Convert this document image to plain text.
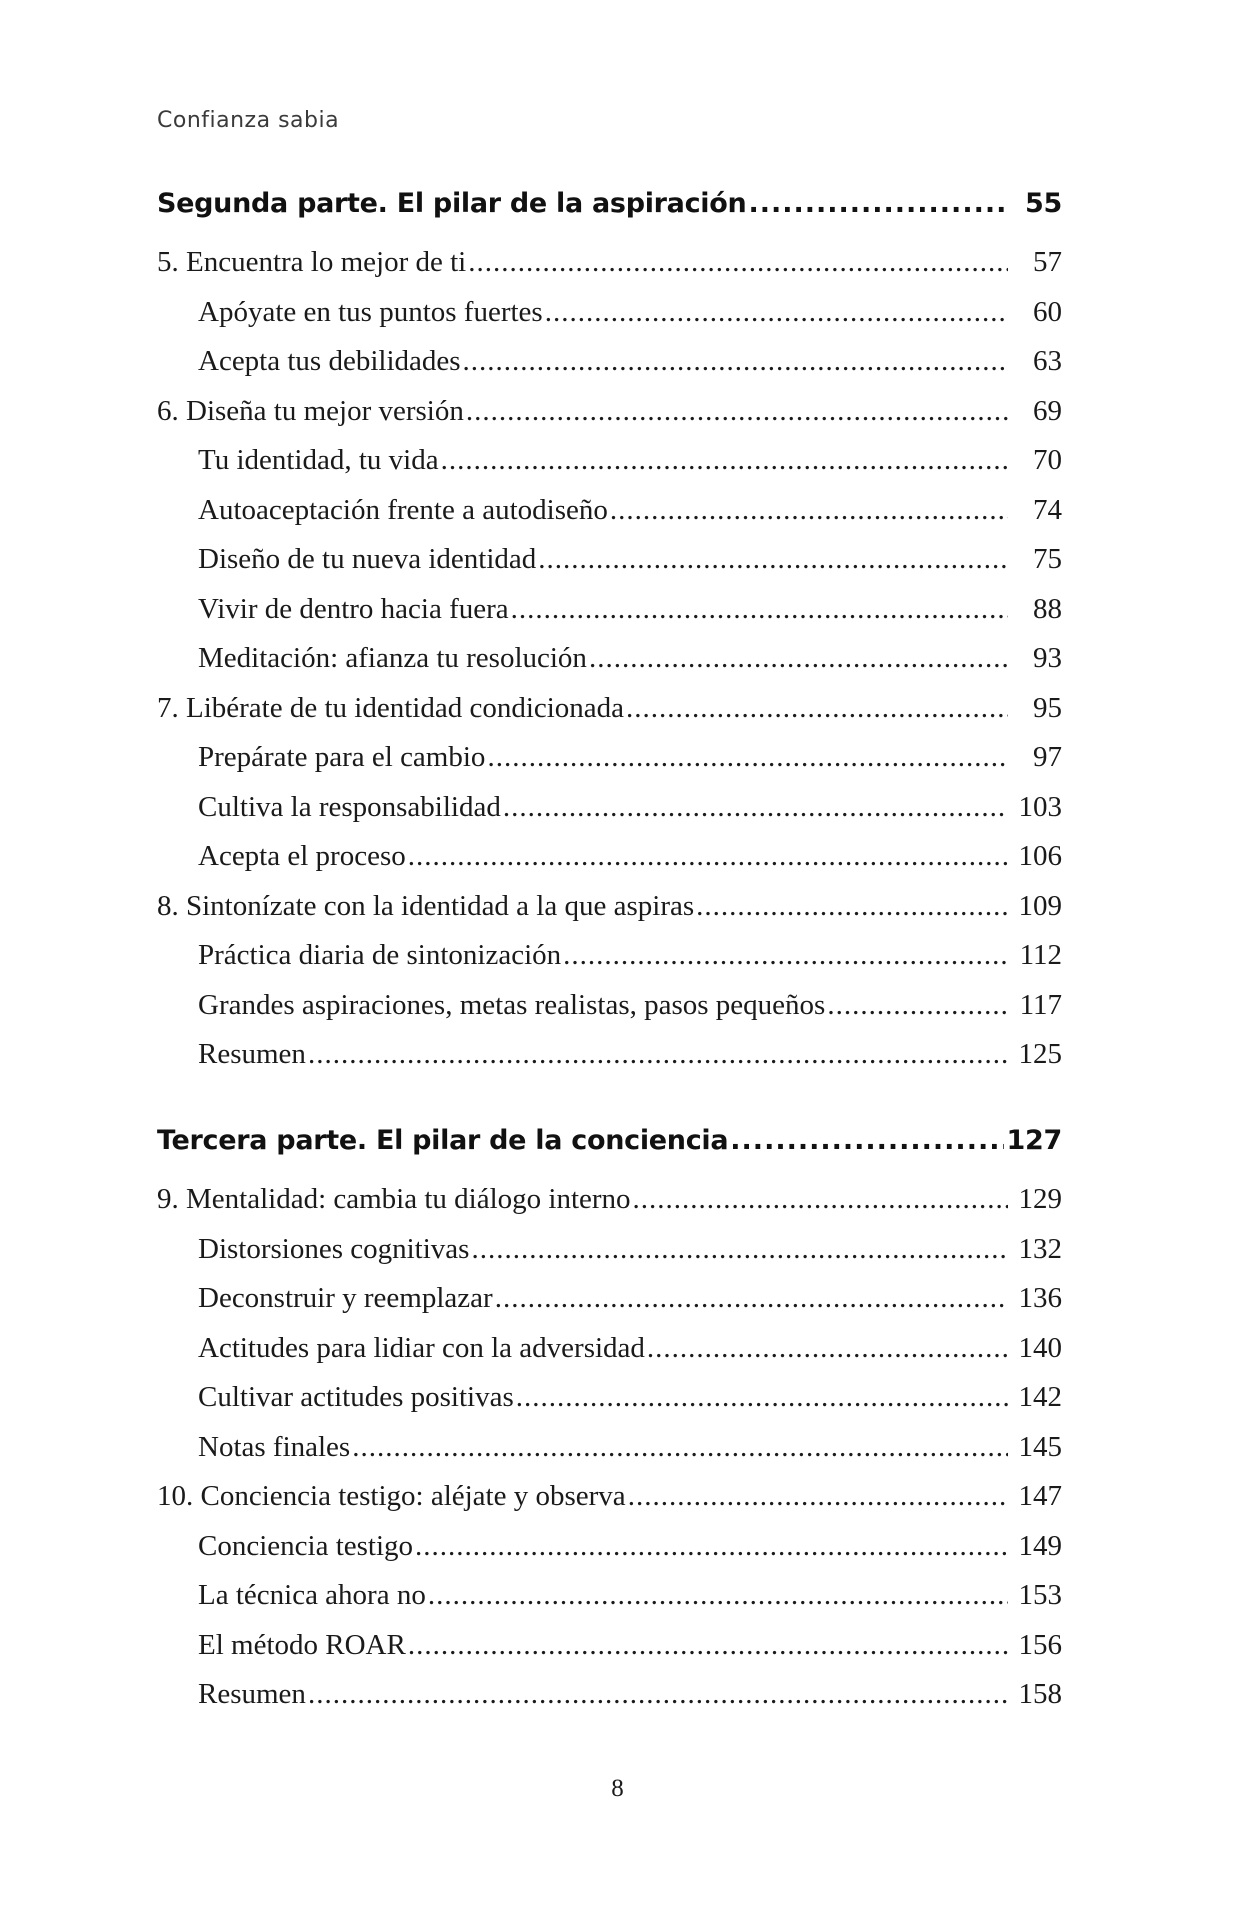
Confianza sabia
Segunda parte. El pilar de la aspiración .....	55
5. Encuentra lo mejor de ti .....	57
Apóyate en tus puntos fuertes .....	60
Acepta tus debilidades .....	63
6. Diseña tu mejor versión .....	69
Tu identidad, tu vida .....	70
Autoaceptación frente a autodiseño .....	74
Diseño de tu nueva identidad .....	75
Vivir de dentro hacia fuera .....	88
Meditación: afianza tu resolución .....	93
7. Libérate de tu identidad condicionada .....	95
Prepárate para el cambio .....	97
Cultiva la responsabilidad .....	103
Acepta el proceso .....	106
8. Sintonízate con la identidad a la que aspiras .....	109
Práctica diaria de sintonización .....	112
Grandes aspiraciones, metas realistas, pasos pequeños .....	117
Resumen .....	125
Tercera parte. El pilar de la conciencia .....	127
9. Mentalidad: cambia tu diálogo interno .....	129
Distorsiones cognitivas .....	132
Deconstruir y reemplazar .....	136
Actitudes para lidiar con la adversidad .....	140
Cultivar actitudes positivas .....	142
Notas finales .....	145
10. Conciencia testigo: aléjate y observa .....	147
Conciencia testigo .....	149
La técnica ahora no .....	153
El método ROAR .....	156
Resumen .....	158
8
